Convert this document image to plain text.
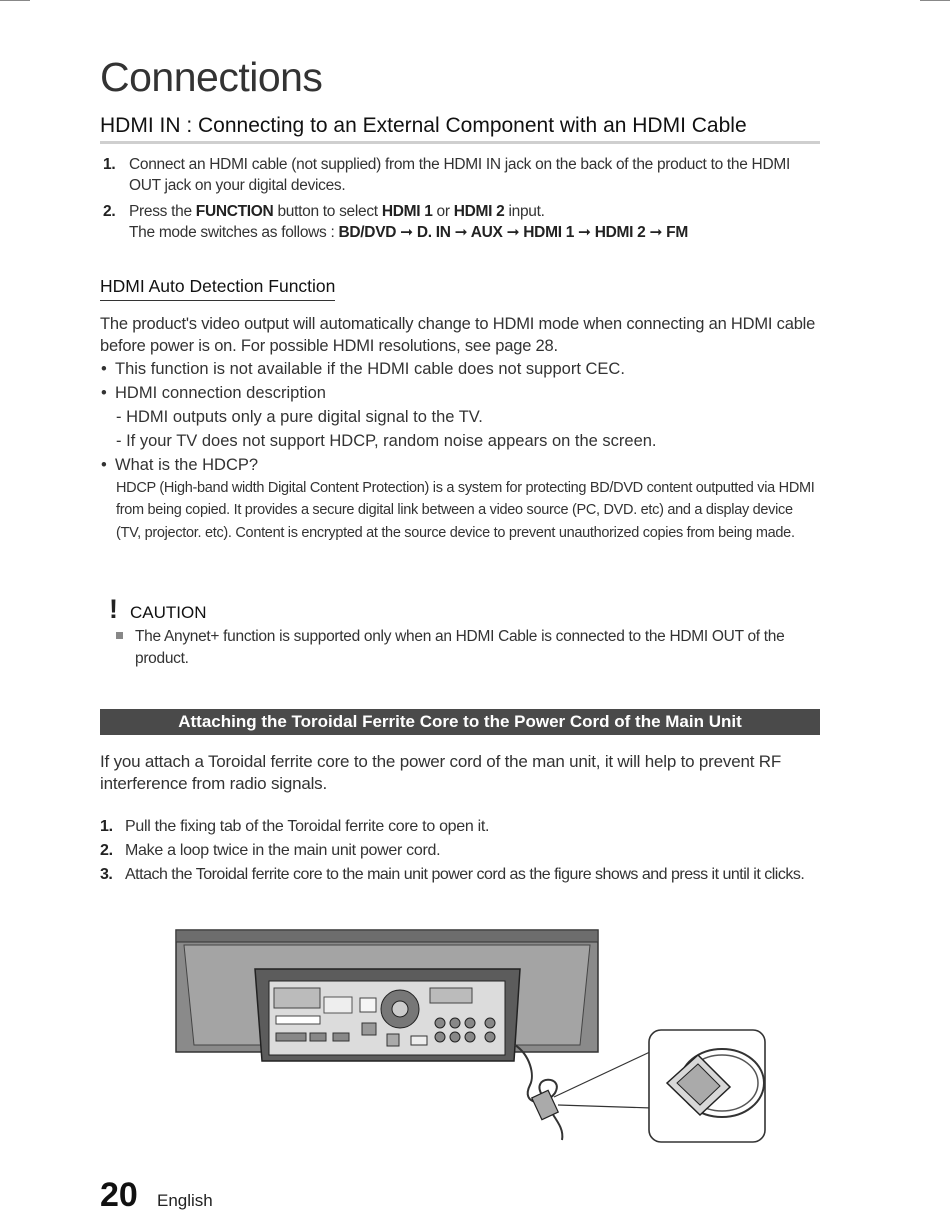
Connections
HDMI IN : Connecting to an External Component with an HDMI Cable
1. Connect an HDMI cable (not supplied) from the HDMI IN jack on the back of the product to the HDMI OUT jack on your digital devices.
2. Press the FUNCTION button to select HDMI 1 or HDMI 2 input.
The mode switches as follows : BD/DVD ➞ D. IN ➞ AUX ➞ HDMI 1 ➞ HDMI 2 ➞ FM
HDMI Auto Detection Function

The product's video output will automatically change to HDMI mode when connecting an HDMI cable before power is on. For possible HDMI resolutions, see page 28.

• This function is not available if the HDMI cable does not support CEC.
• HDMI connection description
- HDMI outputs only a pure digital signal to the TV.
- If your TV does not support HDCP, random noise appears on the screen.
• What is the HDCP?

HDCP (High-band width Digital Content Protection) is a system for protecting BD/DVD content outputted via HDMI from being copied. It provides a secure digital link between a video source (PC, DVD. etc) and a display device (TV, projector. etc). Content is encrypted at the source device to prevent unauthorized copies from being made.

! CAUTION

The Anynet+ function is supported only when an HDMI Cable is connected to the HDMI OUT of the product.

Attaching the Toroidal Ferrite Core to the Power Cord of the Main Unit

If you attach a Toroidal ferrite core to the power cord of the man unit, it will help to prevent RF interference from radio signals.

1. Pull the fixing tab of the Toroidal ferrite core to open it.
2. Make a loop twice in the main unit power cord.
3. Attach the Toroidal ferrite core to the main unit power cord as the figure shows and press it until it clicks.
20 English
